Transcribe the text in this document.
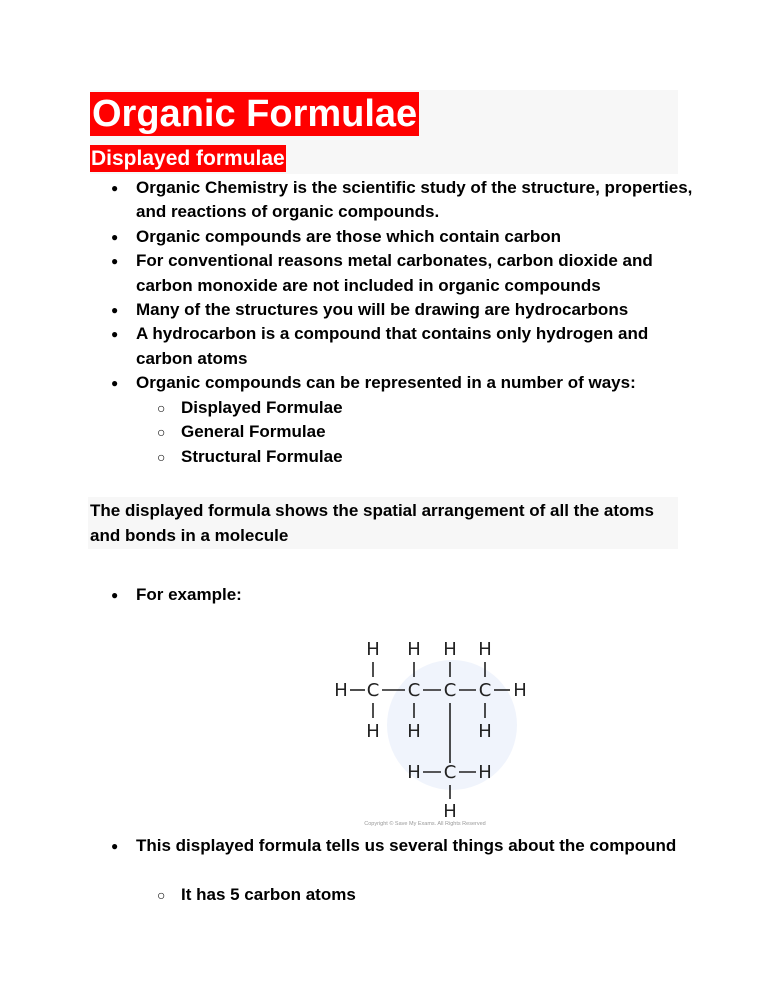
Organic Formulae
Displayed formulae
● Organic Chemistry is the scientific study of the structure, properties, and reactions of organic compounds.
● Organic compounds are those which contain carbon
● For conventional reasons metal carbonates, carbon dioxide and carbon monoxide are not included in organic compounds
● Many of the structures you will be drawing are hydrocarbons
● A hydrocarbon is a compound that contains only hydrogen and carbon atoms
● Organic compounds can be represented in a number of ways:
○ Displayed Formulae
○ General Formulae
○ Structural Formulae
The displayed formula shows the spatial arrangement of all the atoms and bonds in a molecule
● For example:
H H H H
H C C C C H
H H	H
H C H
H
Copyright © Save My Exams. All Rights Reserved
● This displayed formula tells us several things about the compound
○ It has 5 carbon atoms
